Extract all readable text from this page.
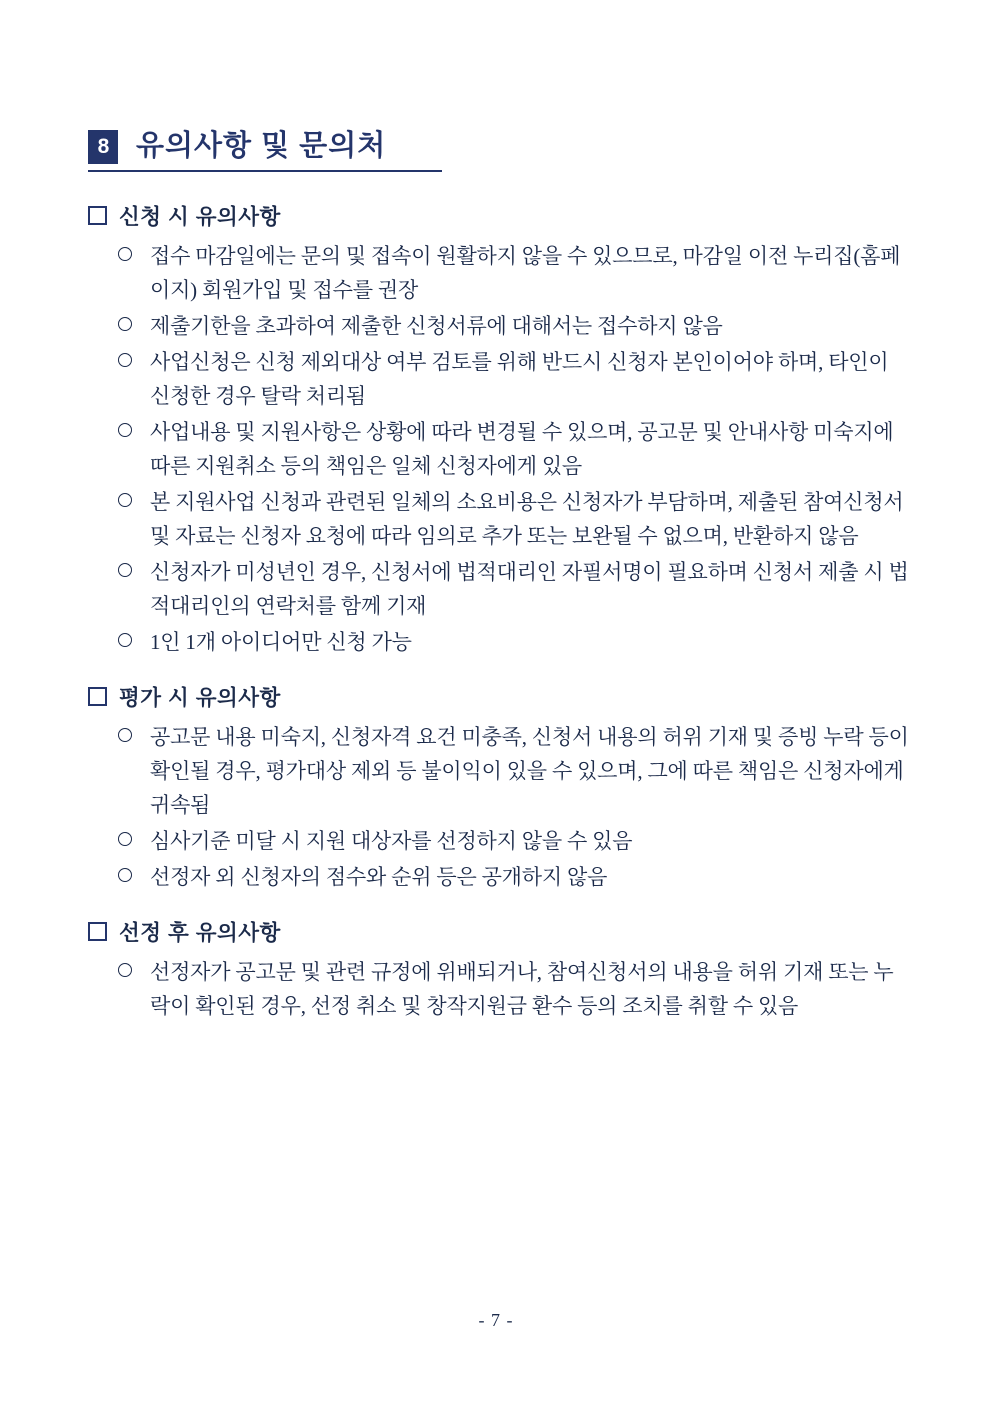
8 유의사항 및 문의처
신청 시 유의사항
접수 마감일에는 문의 및 접속이 원활하지 않을 수 있으므로, 마감일 이전 누리집(홈페이지) 회원가입 및 접수를 권장
제출기한을 초과하여 제출한 신청서류에 대해서는 접수하지 않음
사업신청은 신청 제외대상 여부 검토를 위해 반드시 신청자 본인이어야 하며, 타인이 신청한 경우 탈락 처리됨
사업내용 및 지원사항은 상황에 따라 변경될 수 있으며, 공고문 및 안내사항 미숙지에 따른 지원취소 등의 책임은 일체 신청자에게 있음
본 지원사업 신청과 관련된 일체의 소요비용은 신청자가 부담하며, 제출된 참여신청서 및 자료는 신청자 요청에 따라 임의로 추가 또는 보완될 수 없으며, 반환하지 않음
신청자가 미성년인 경우, 신청서에 법적대리인 자필서명이 필요하며 신청서 제출 시 법적대리인의 연락처를 함께 기재
1인 1개 아이디어만 신청 가능
평가 시 유의사항
공고문 내용 미숙지, 신청자격 요건 미충족, 신청서 내용의 허위 기재 및 증빙 누락 등이 확인될 경우, 평가대상 제외 등 불이익이 있을 수 있으며, 그에 따른 책임은 신청자에게 귀속됨
심사기준 미달 시 지원 대상자를 선정하지 않을 수 있음
선정자 외 신청자의 점수와 순위 등은 공개하지 않음
선정 후 유의사항
선정자가 공고문 및 관련 규정에 위배되거나, 참여신청서의 내용을 허위 기재 또는 누락이 확인된 경우, 선정 취소 및 창작지원금 환수 등의 조치를 취할 수 있음
- 7 -
